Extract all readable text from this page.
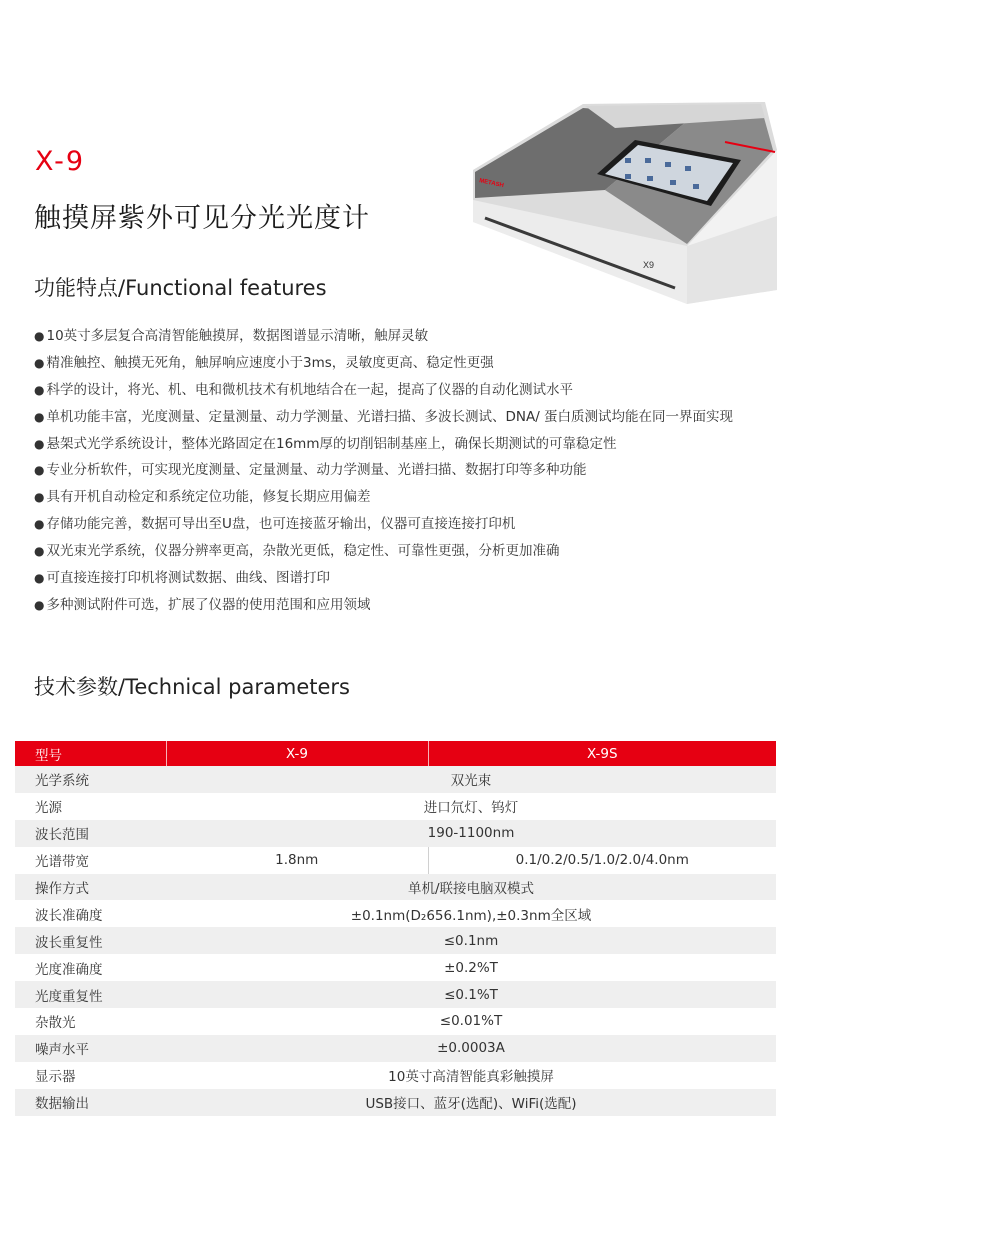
X-9
触摸屏紫外可见分光光度计
METASH
X9
功能特点/Functional features
● 10英寸多层复合高清智能触摸屏，数据图谱显示清晰，触屏灵敏
● 精准触控、触摸无死角，触屏响应速度小于3ms，灵敏度更高、稳定性更强
● 科学的设计，将光、机、电和微机技术有机地结合在一起，提高了仪器的自动化测试水平
● 单机功能丰富，光度测量、定量测量、动力学测量、光谱扫描、多波长测试、DNA/ 蛋白质测试均能在同一界面实现
● 悬架式光学系统设计，整体光路固定在16mm厚的切削铝制基座上，确保长期测试的可靠稳定性
● 专业分析软件，可实现光度测量、定量测量、动力学测量、光谱扫描、数据打印等多种功能
● 具有开机自动检定和系统定位功能，修复长期应用偏差
● 存储功能完善，数据可导出至U盘，也可连接蓝牙输出，仪器可直接连接打印机
● 双光束光学系统，仪器分辨率更高，杂散光更低，稳定性、可靠性更强，分析更加准确
● 可直接连接打印机将测试数据、曲线、图谱打印
● 多种测试附件可选，扩展了仪器的使用范围和应用领域
技术参数/Technical parameters
型号	X-9	X-9S
光学系统	双光束	
光源	进口氘灯、钨灯	
波长范围	190-1100nm	
光谱带宽	1.8nm	0.1/0.2/0.5/1.0/2.0/4.0nm
操作方式	单机/联接电脑双模式	
波长准确度	±0.1nm(D₂656.1nm),±0.3nm全区域	
波长重复性	≤0.1nm	
光度准确度	±0.2%T	
光度重复性	≤0.1%T	
杂散光	≤0.01%T	
噪声水平	±0.0003A	
显示器	10英寸高清智能真彩触摸屏	
数据输出	USB接口、蓝牙(选配)、WiFi(选配)	
